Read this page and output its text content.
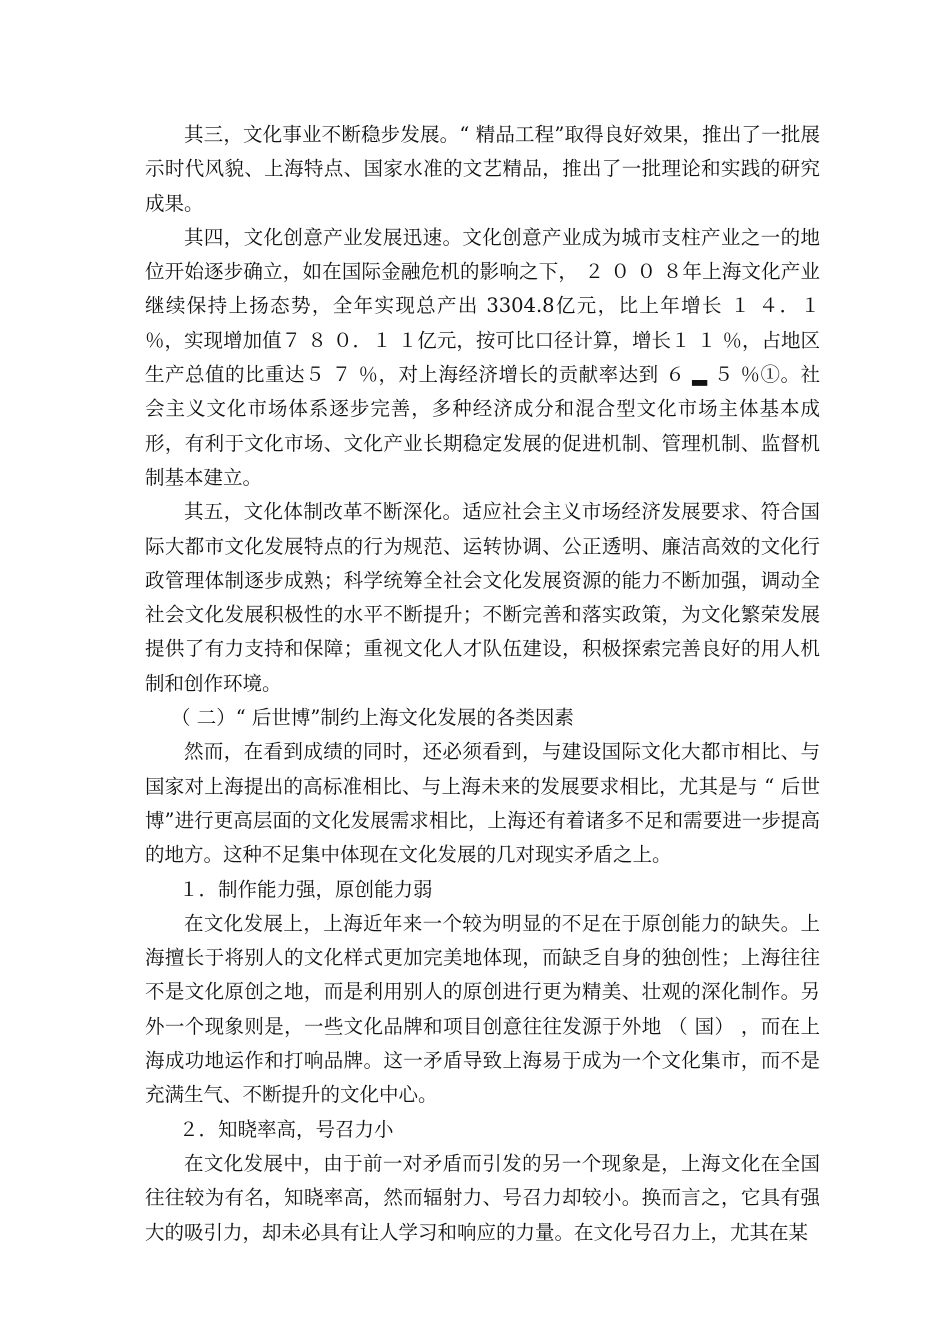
其三，文化事业不断稳步发展。“ 精品工程”取得良好效果，推出了一批展示时代风貌、上海特点、国家水准的文艺精品，推出了一批理论和实践的研究成果。

其四，文化创意产业发展迅速。文化创意产业成为城市支柱产业之一的地位开始逐步确立，如在国际金融危机的影响之下， ２ ０ ０ ８年上海文化产业继续保持上扬态势，全年实现总产出 3304.8亿元，比上年增长 １ ４．１ ％，实现增加值７ ８ ０．１ １亿元，按可比口径计算，增长１ １ ％，占地区生产总值的比重达５ ７ ％，对上海经济增长的贡献率达到 ６ ▂ ５ ％①。社会主义文化市场体系逐步完善，多种经济成分和混合型文化市场主体基本成形，有利于文化市场、文化产业长期稳定发展的促进机制、管理机制、监督机制基本建立。

其五，文化体制改革不断深化。适应社会主义市场经济发展要求、符合国际大都市文化发展特点的行为规范、运转协调、公正透明、廉洁高效的文化行政管理体制逐步成熟；科学统筹全社会文化发展资源的能力不断加强，调动全社会文化发展积极性的水平不断提升；不断完善和落实政策，为文化繁荣发展提供了有力支持和保障；重视文化人才队伍建设，积极探索完善良好的用人机制和创作环境。

（ 二）“ 后世博”制约上海文化发展的各类因素

然而，在看到成绩的同时，还必须看到，与建设国际文化大都市相比、与国家对上海提出的高标准相比、与上海未来的发展要求相比，尤其是与 “ 后世博”进行更高层面的文化发展需求相比，上海还有着诸多不足和需要进一步提高的地方。这种不足集中体现在文化发展的几对现实矛盾之上。

１．制作能力强，原创能力弱

在文化发展上，上海近年来一个较为明显的不足在于原创能力的缺失。上海擅长于将别人的文化样式更加完美地体现，而缺乏自身的独创性；上海往往不是文化原创之地，而是利用别人的原创进行更为精美、壮观的深化制作。另外一个现象则是，一些文化品牌和项目创意往往发源于外地 （ 国） ，而在上海成功地运作和打响品牌。这一矛盾导致上海易于成为一个文化集市，而不是充满生气、不断提升的文化中心。

２．知晓率高，号召力小

在文化发展中，由于前一对矛盾而引发的另一个现象是，上海文化在全国往往较为有名，知晓率高，然而辐射力、号召力却较小。换而言之，它具有强大的吸引力，却未必具有让人学习和响应的力量。在文化号召力上，尤其在某
